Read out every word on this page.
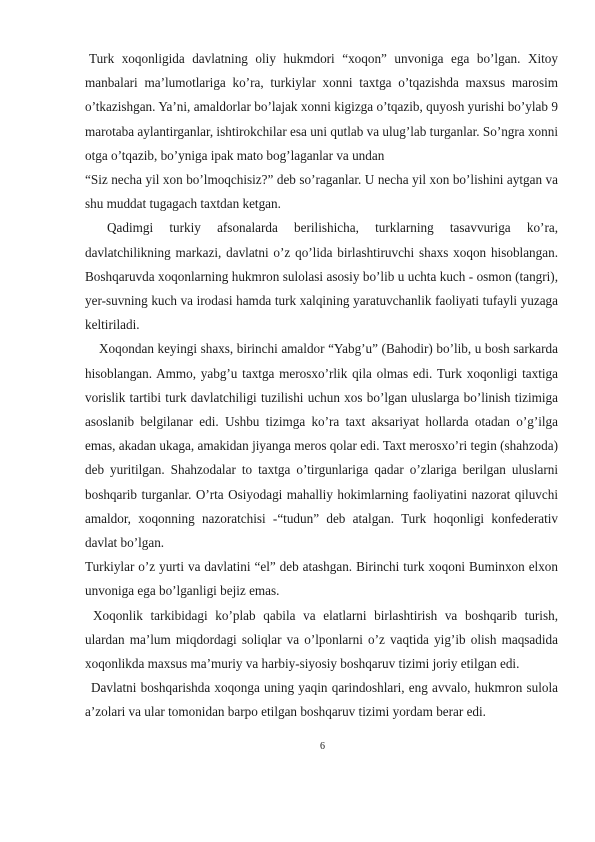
Turk xoqonligida davlatning oliy hukmdori “xoqon” unvoniga ega bo’lgan. Xitoy manbalari ma’lumotlariga ko’ra, turkiylar xonni taxtga o’tqazishda maxsus marosim o’tkazishgan. Ya’ni, amaldorlar bo’lajak xonni kigizga o’tqazib, quyosh yurishi bo’ylab 9 marotaba aylantirganlar, ishtirokchilar esa uni qutlab va ulug’lab turganlar. So’ngra xonni otga o’tqazib, bo’yniga ipak mato bog’laganlar va undan

“Siz necha yil xon bo’lmoqchisiz?” deb so’raganlar. U necha yil xon bo’lishini aytgan va shu muddat tugagach taxtdan ketgan.

Qadimgi turkiy afsonalarda berilishicha, turklarning tasavvuriga ko’ra, davlatchilikning markazi, davlatni o’z qo’lida birlashtiruvchi shaxs xoqon hisoblangan. Boshqaruvda xoqonlarning hukmron sulolasi asosiy bo’lib u uchta kuch - osmon (tangri), yer-suvning kuch va irodasi hamda turk xalqining yaratuvchanlik faoliyati tufayli yuzaga keltiriladi.

Xoqondan keyingi shaxs, birinchi amaldor “Yabg’u” (Bahodir) bo’lib, u bosh sarkarda hisoblangan. Ammo, yabg’u taxtga merosxo’rlik qila olmas edi. Turk xoqonligi taxtiga vorislik tartibi turk davlatchiligi tuzilishi uchun xos bo’lgan uluslarga bo’linish tizimiga asoslanib belgilanar edi. Ushbu tizimga ko’ra taxt aksariyat hollarda otadan o’g’ilga emas, akadan ukaga, amakidan jiyanga meros qolar edi. Taxt merosxo’ri tegin (shahzoda) deb yuritilgan. Shahzodalar to taxtga o’tirgunlariga qadar o’zlariga berilgan uluslarni boshqarib turganlar. O’rta Osiyodagi mahalliy hokimlarning faoliyatini nazorat qiluvchi amaldor, xoqonning nazoratchisi -“tudun” deb atalgan. Turk hoqonligi konfederativ davlat bo’lgan.

Turkiylar o’z yurti va davlatini “el” deb atashgan. Birinchi turk xoqoni Buminxon elxon unvoniga ega bo’lganligi bejiz emas.

Xoqonlik tarkibidagi ko’plab qabila va elatlarni birlashtirish va boshqarib turish, ulardan ma’lum miqdordagi soliqlar va o’lponlarni o’z vaqtida yig’ib olish maqsadida xoqonlikda maxsus ma’muriy va harbiy-siyosiy boshqaruv tizimi joriy etilgan edi.

Davlatni boshqarishda xoqonga uning yaqin qarindoshlari, eng avvalo, hukmron sulola a’zolari va ular tomonidan barpo etilgan boshqaruv tizimi yordam berar edi.

6
